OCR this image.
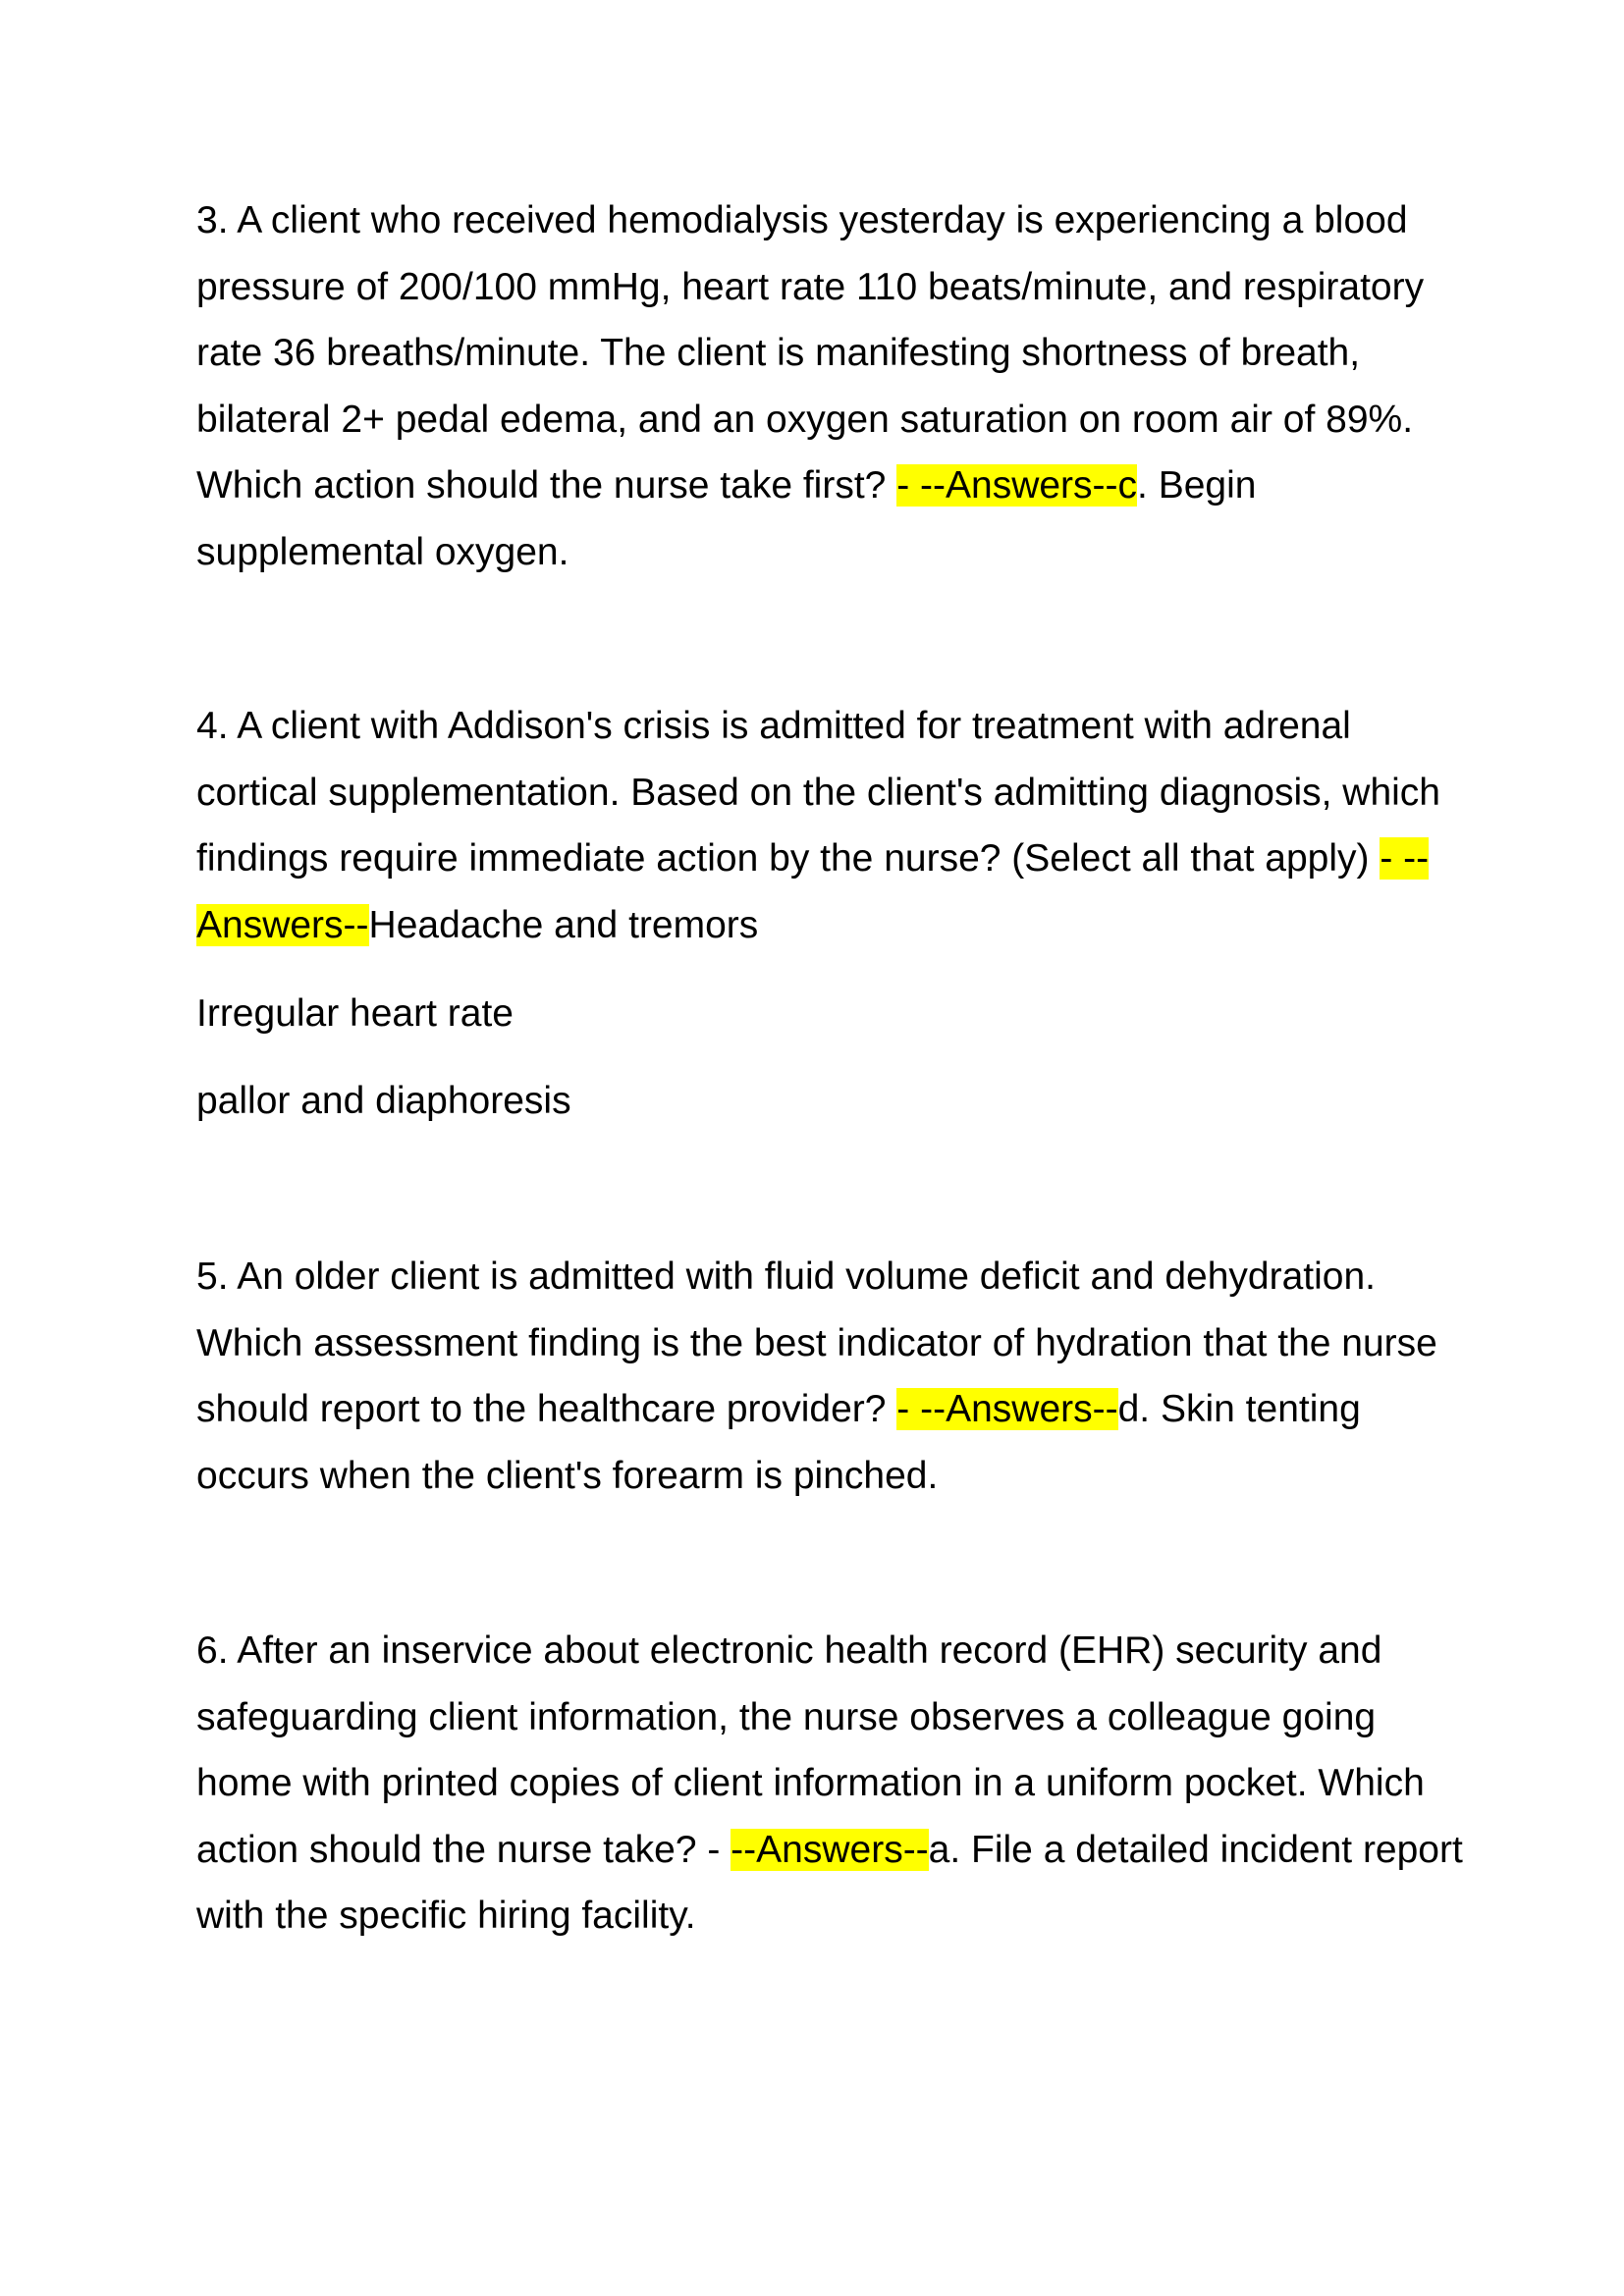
3. A client who received hemodialysis yesterday is experiencing a blood pressure of 200/100 mmHg, heart rate 110 beats/minute, and respiratory rate 36 breaths/minute. The client is manifesting shortness of breath, bilateral 2+ pedal edema, and an oxygen saturation on room air of 89%. Which action should the nurse take first? - --Answers--c. Begin supplemental oxygen.

4. A client with Addison's crisis is admitted for treatment with adrenal cortical supplementation. Based on the client's admitting diagnosis, which findings require immediate action by the nurse? (Select all that apply) - --Answers--Headache and tremors

Irregular heart rate

pallor and diaphoresis

5. An older client is admitted with fluid volume deficit and dehydration. Which assessment finding is the best indicator of hydration that the nurse should report to the healthcare provider? - --Answers--d. Skin tenting occurs when the client's forearm is pinched.

6. After an inservice about electronic health record (EHR) security and safeguarding client information, the nurse observes a colleague going home with printed copies of client information in a uniform pocket. Which action should the nurse take? - --Answers--a. File a detailed incident report with the specific hiring facility.
